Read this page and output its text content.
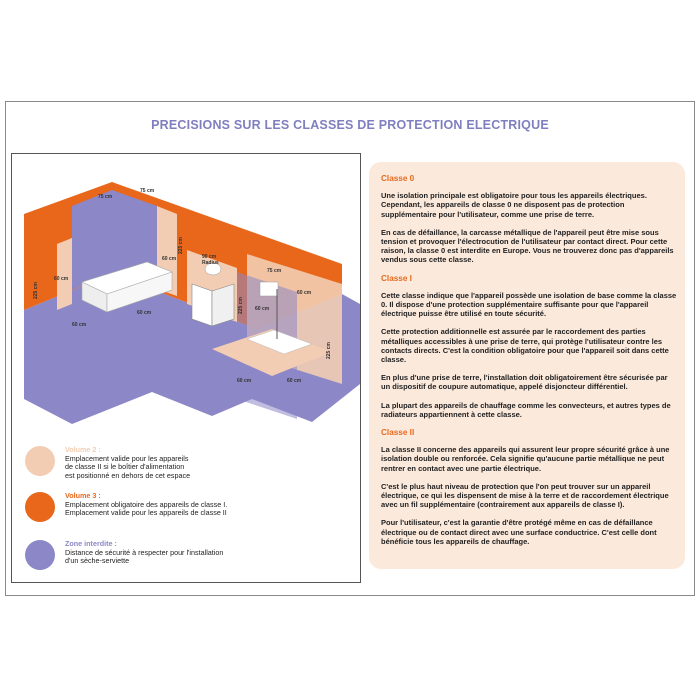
PRECISIONS SUR LES CLASSES DE PROTECTION ELECTRIQUE
75 cm
75 cm
60 cm
60 cm
60 cm
60 cm
90 cm
Radius
75 cm
60 cm
60 cm
60 cm	60 cm
225 cm
225 cm
225 cm
225 cm
Volume 2 :
Emplacement valide pour les appareils
de classe II si le boîtier d'alimentation
est positionné en dehors de cet espace
Volume 3 :
Emplacement obligatoire des appareils de classe I.
Emplacement valide pour les appareils de classe II
Zone interdite :
Distance de sécurité à respecter pour l'installation
d'un sèche-serviette
Classe 0

Une isolation principale est obligatoire pour tous les appareils électriques. Cependant, les appareils de classe 0 ne disposent pas de protection supplémentaire pour l'utilisateur, comme une prise de terre.

En cas de défaillance, la carcasse métallique de l'appareil peut être mise sous tension et provoquer l'électrocution de l'utilisateur par contact direct. Pour cette raison, la classe 0 est interdite en Europe. Vous ne trouverez donc pas d'appareils vendus sous cette classe.

Classe I

Cette classe indique que l'appareil possède une isolation de base comme la classe 0. Il dispose d'une protection supplémentaire suffisante pour que l'appareil électrique puisse être utilisé en toute sécurité.

Cette protection additionnelle est assurée par le raccordement des parties métalliques accessibles à une prise de terre, qui protège l'utilisateur contre les contacts directs. C'est la condition obligatoire pour que l'appareil soit dans cette classe.

En plus d'une prise de terre, l'installation doit obligatoirement être sécurisée par un dispositif de coupure automatique, appelé disjoncteur différentiel.

La plupart des appareils de chauffage comme les convecteurs, et autres types de radiateurs appartiennent à cette classe.

Classe II

La classe II concerne des appareils qui assurent leur propre sécurité grâce à une isolation double ou renforcée. Cela signifie qu'aucune partie métallique ne peut rentrer en contact avec une partie électrique.

C'est le plus haut niveau de protection que l'on peut trouver sur un appareil électrique, ce qui les dispensent de mise à la terre et de raccordement électrique avec un fil supplémentaire (contrairement aux appareils de classe I).

Pour l'utilisateur, c'est la garantie d'être protégé même en cas de défaillance électrique ou de contact direct avec une surface conductrice. C'est celle dont bénéficie tous les appareils de chauffage.
